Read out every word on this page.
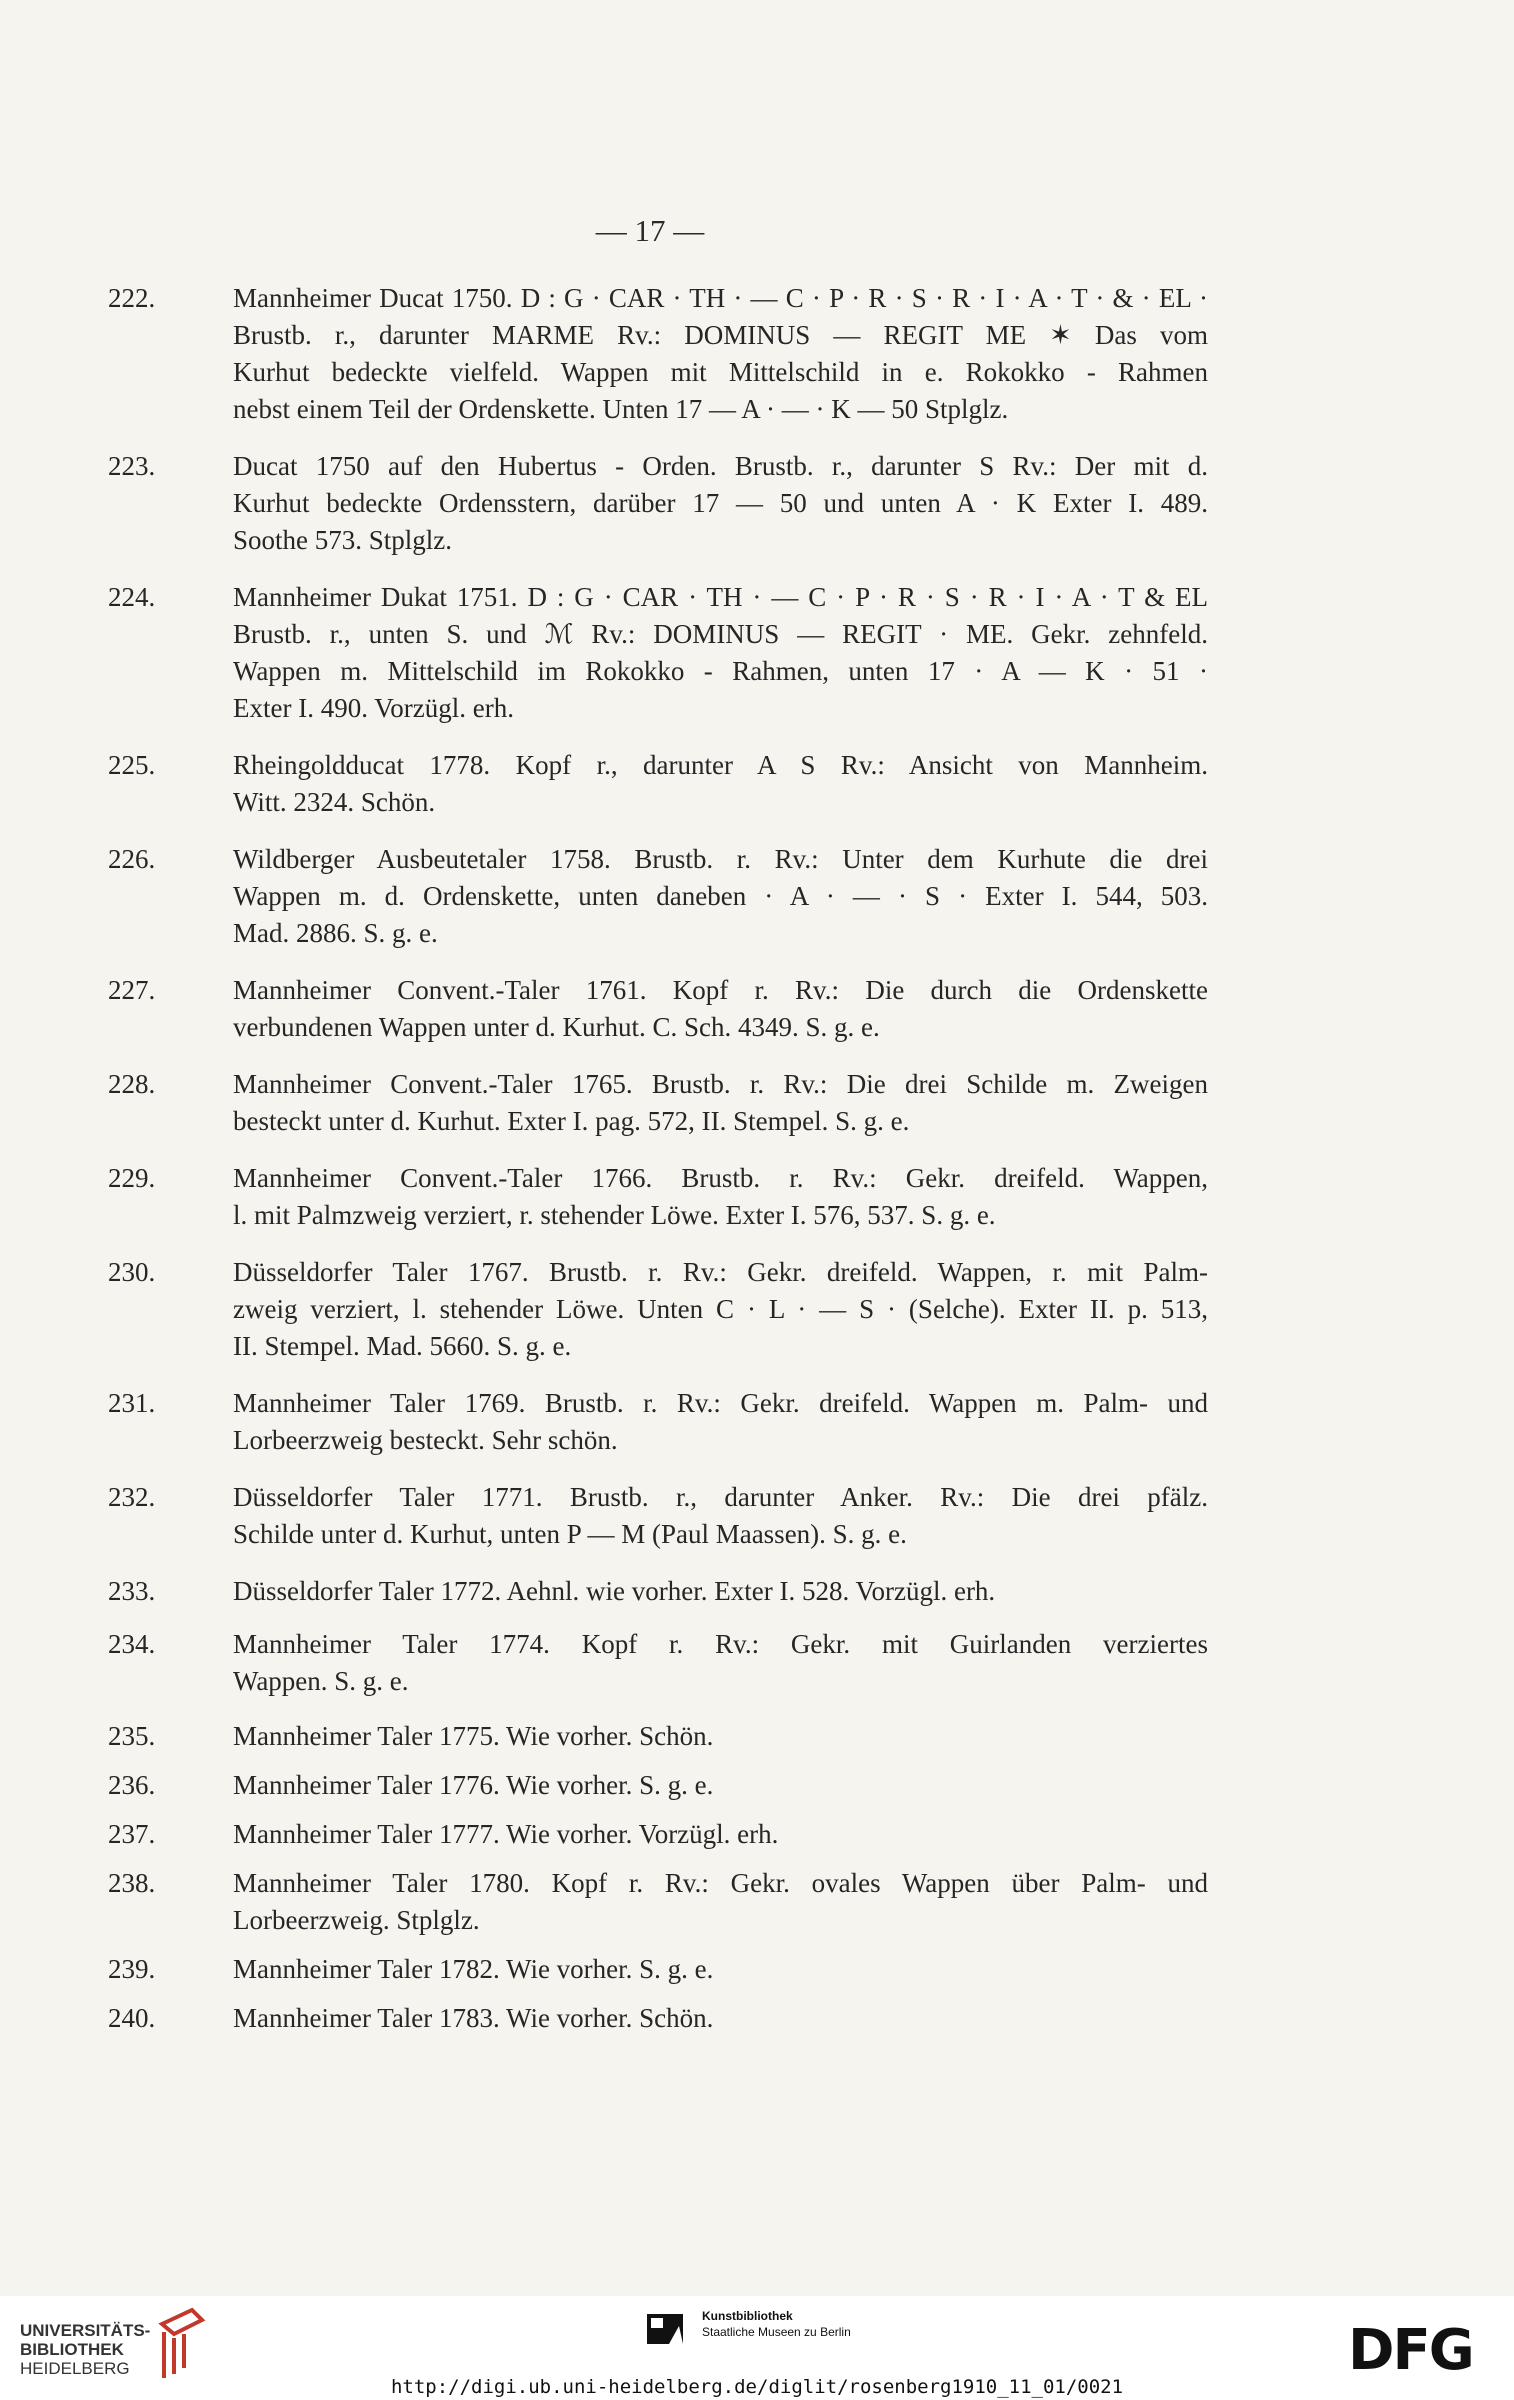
— 17 —
222.	Mannheimer Ducat 1750. D : G · CAR · TH · — C · P · R · S · R · I · A · T · & · EL ·
Brustb. r., darunter MARME Rv.: DOMINUS — REGIT ME ✶ Das vom
Kurhut bedeckte vielfeld. Wappen mit Mittelschild in e. Rokokko - Rahmen
nebst einem Teil der Ordenskette. Unten 17 — A · — · K — 50 Stplglz.
223.	Ducat 1750 auf den Hubertus - Orden. Brustb. r., darunter S Rv.: Der mit d.
Kurhut bedeckte Ordensstern, darüber 17 — 50 und unten A · K Exter I. 489.
Soothe 573. Stplglz.
224.	Mannheimer Dukat 1751. D : G · CAR · TH · — C · P · R · S · R · I · A · T & EL
Brustb. r., unten S. und ℳ Rv.: DOMINUS — REGIT · ME. Gekr. zehnfeld.
Wappen m. Mittelschild im Rokokko - Rahmen, unten 17 · A — K · 51 ·
Exter I. 490. Vorzügl. erh.
225.	Rheingoldducat 1778. Kopf r., darunter A S Rv.: Ansicht von Mannheim.
Witt. 2324. Schön.
226.	Wildberger Ausbeutetaler 1758. Brustb. r. Rv.: Unter dem Kurhute die drei
Wappen m. d. Ordenskette, unten daneben · A · — · S · Exter I. 544, 503.
Mad. 2886. S. g. e.
227.	Mannheimer Convent.-Taler 1761. Kopf r. Rv.: Die durch die Ordenskette
verbundenen Wappen unter d. Kurhut. C. Sch. 4349. S. g. e.
228.	Mannheimer Convent.-Taler 1765. Brustb. r. Rv.: Die drei Schilde m. Zweigen
besteckt unter d. Kurhut. Exter I. pag. 572, II. Stempel. S. g. e.
229.	Mannheimer Convent.-Taler 1766. Brustb. r. Rv.: Gekr. dreifeld. Wappen,
l. mit Palmzweig verziert, r. stehender Löwe. Exter I. 576, 537. S. g. e.
230.	Düsseldorfer Taler 1767. Brustb. r. Rv.: Gekr. dreifeld. Wappen, r. mit Palm-
zweig verziert, l. stehender Löwe. Unten C · L · — S · (Selche). Exter II. p. 513,
II. Stempel. Mad. 5660. S. g. e.
231.	Mannheimer Taler 1769. Brustb. r. Rv.: Gekr. dreifeld. Wappen m. Palm- und
Lorbeerzweig besteckt. Sehr schön.
232.	Düsseldorfer Taler 1771. Brustb. r., darunter Anker. Rv.: Die drei pfälz.
Schilde unter d. Kurhut, unten P — M (Paul Maassen). S. g. e.
233.	Düsseldorfer Taler 1772. Aehnl. wie vorher. Exter I. 528. Vorzügl. erh.
234.	Mannheimer Taler 1774. Kopf r. Rv.: Gekr. mit Guirlanden verziertes
Wappen. S. g. e.
235.	Mannheimer Taler 1775. Wie vorher. Schön.
236.	Mannheimer Taler 1776. Wie vorher. S. g. e.
237.	Mannheimer Taler 1777. Wie vorher. Vorzügl. erh.
238.	Mannheimer Taler 1780. Kopf r. Rv.: Gekr. ovales Wappen über Palm- und
Lorbeerzweig. Stplglz.
239.	Mannheimer Taler 1782. Wie vorher. S. g. e.
240.	Mannheimer Taler 1783. Wie vorher. Schön.
UNIVERSITÄTS-
BIBLIOTHEK
HEIDELBERG
Kunstbibliothek
Staatliche Museen zu Berlin	DFG
http://digi.ub.uni-heidelberg.de/diglit/rosenberg1910_11_01/0021
